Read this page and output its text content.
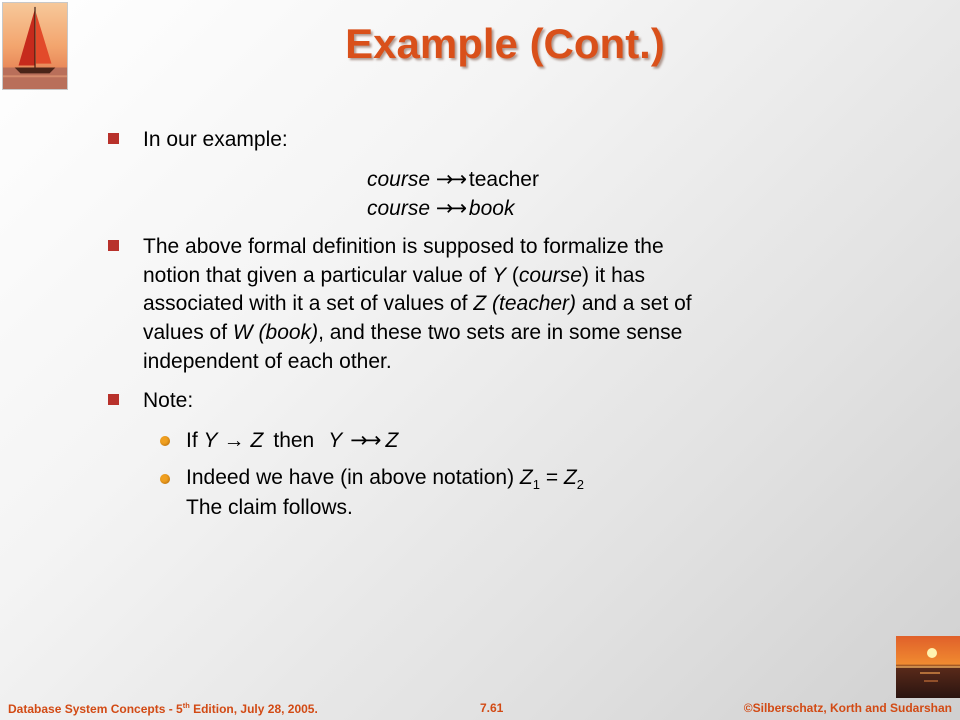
Example (Cont.)
In our example:
course →→ teacher
course →→ book
The above formal definition is supposed to formalize the
notion that given a particular value of Y (course) it has
associated with it a set of values of Z (teacher) and a set of
values of W (book), and these two sets are in some sense
independent of each other.
Note:
If Y → Z then Y →→ Z
Indeed we have (in above notation) $Z_1 = Z_2$
The claim follows.
Database System Concepts - 5th Edition, July 28, 2005.	7.61	©Silberschatz, Korth and Sudarshan
